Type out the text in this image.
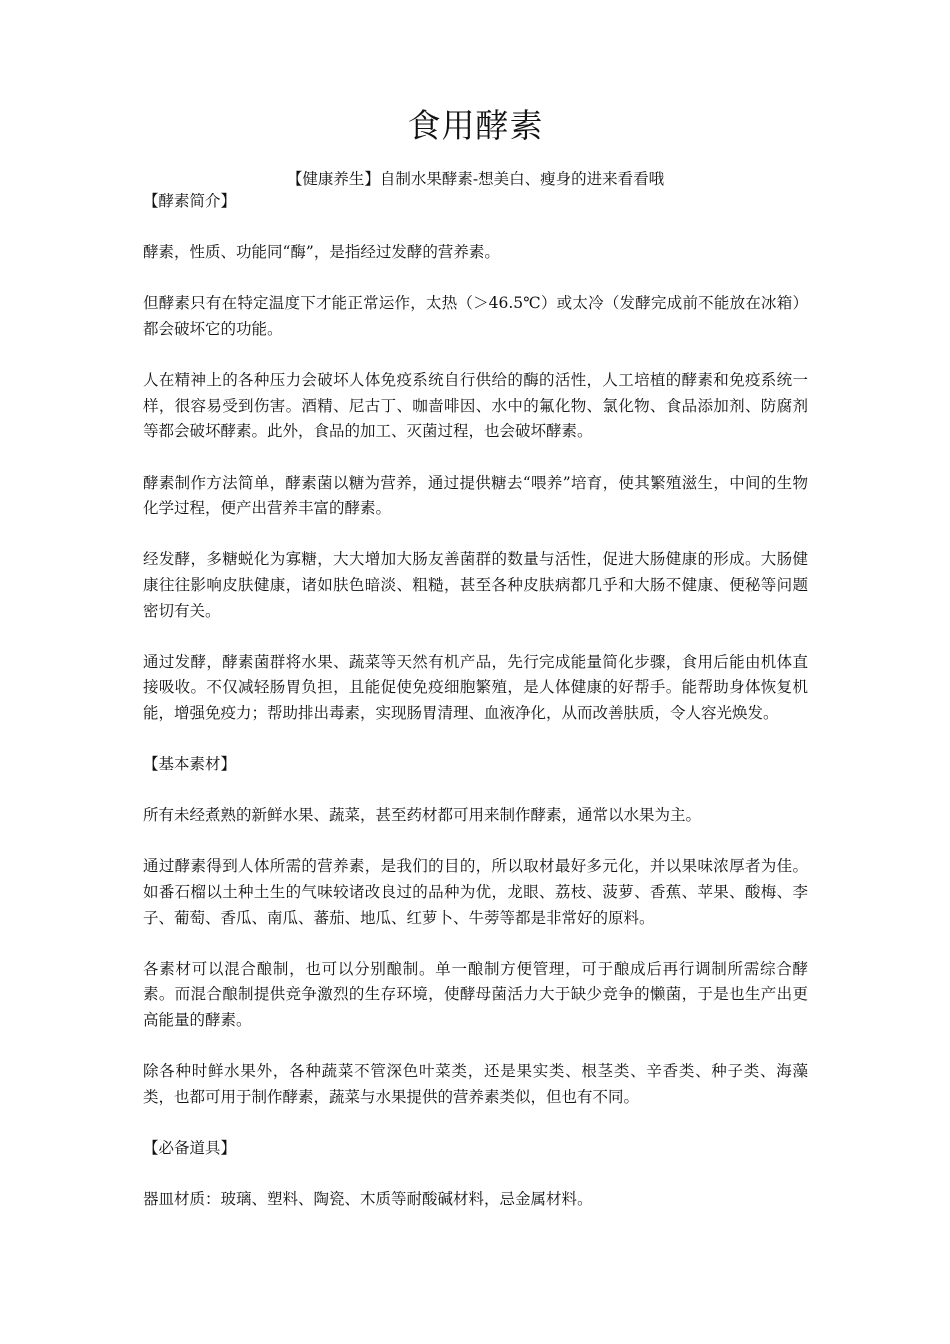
食用酵素

【健康养生】自制水果酵素-想美白、瘦身的进来看看哦

【酵素简介】

酵素，性质、功能同“酶”，是指经过发酵的营养素。

但酵素只有在特定温度下才能正常运作，太热（＞46.5℃）或太冷（发酵完成前不能放在冰箱）都会破坏它的功能。

人在精神上的各种压力会破坏人体免疫系统自行供给的酶的活性，人工培植的酵素和免疫系统一样，很容易受到伤害。酒精、尼古丁、咖啬啡因、水中的氟化物、氯化物、食品添加剂、防腐剂等都会破坏酵素。此外，食品的加工、灭菌过程，也会破坏酵素。

酵素制作方法简单，酵素菌以糖为营养，通过提供糖去“喂养”培育，使其繁殖滋生，中间的生物化学过程，便产出营养丰富的酵素。

经发酵，多糖蜕化为寡糖，大大增加大肠友善菌群的数量与活性，促进大肠健康的形成。大肠健康往往影响皮肤健康，诸如肤色暗淡、粗糙，甚至各种皮肤病都几乎和大肠不健康、便秘等问题密切有关。

通过发酵，酵素菌群将水果、蔬菜等天然有机产品，先行完成能量简化步骤，食用后能由机体直接吸收。不仅减轻肠胃负担，且能促使免疫细胞繁殖，是人体健康的好帮手。能帮助身体恢复机能，增强免疫力；帮助排出毒素，实现肠胃清理、血液净化，从而改善肤质，令人容光焕发。

【基本素材】

所有未经煮熟的新鲜水果、蔬菜，甚至药材都可用来制作酵素，通常以水果为主。

通过酵素得到人体所需的营养素，是我们的目的，所以取材最好多元化，并以果味浓厚者为佳。如番石榴以土种土生的气味较诸改良过的品种为优，龙眼、荔枝、菠萝、香蕉、苹果、酸梅、李子、葡萄、香瓜、南瓜、蕃茄、地瓜、红萝卜、牛蒡等都是非常好的原料。

各素材可以混合酿制，也可以分别酿制。单一酿制方便管理，可于酿成后再行调制所需综合酵素。而混合酿制提供竞争激烈的生存环境，使酵母菌活力大于缺少竞争的懒菌，于是也生产出更高能量的酵素。

除各种时鲜水果外，各种蔬菜不管深色叶菜类，还是果实类、根茎类、辛香类、种子类、海藻类，也都可用于制作酵素，蔬菜与水果提供的营养素类似，但也有不同。

【必备道具】

器皿材质：玻璃、塑料、陶瓷、木质等耐酸碱材料，忌金属材料。
